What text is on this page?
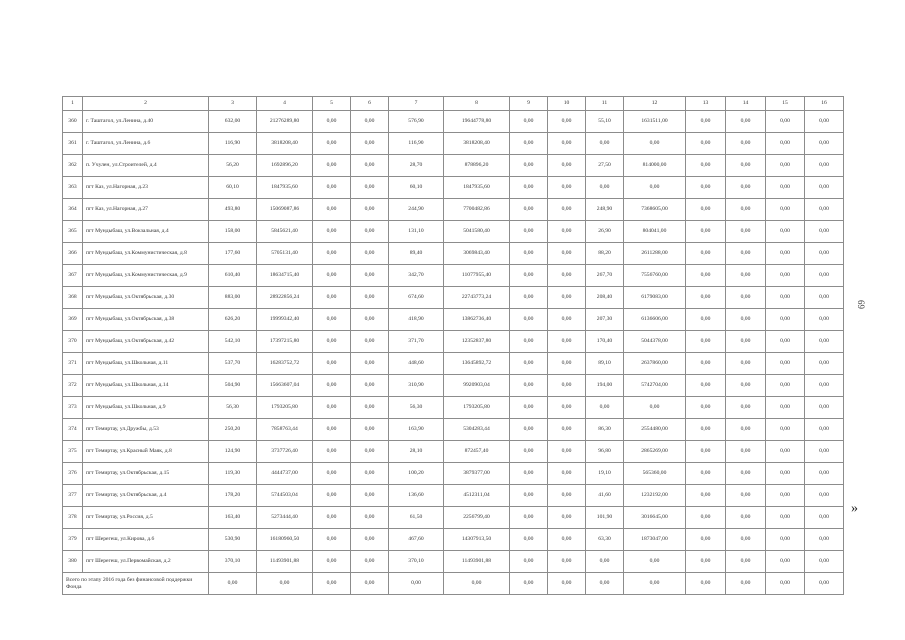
1	2	3	4	5	6	7	8	9	10	11	12	13	14	15	16
360	г. Таштагол, ул.Ленина, д.40	632,00	21276289,80	0,00	0,00	576,90	19644778,80	0,00	0,00	55,10	1631511,00	0,00	0,00	0,00	0,00
361	г. Таштагол, ул.Ленина, д.6	116,90	3818208,40	0,00	0,00	116,90	3818208,40	0,00	0,00	0,00	0,00	0,00	0,00	0,00	0,00
362	п. Учулен, ул.Строителей, д.4	56,20	1692896,20	0,00	0,00	28,70	878896,20	0,00	0,00	27,50	814000,00	0,00	0,00	0,00	0,00
363	пгт Каз, ул.Нагорная, д.23	60,10	1847935,60	0,00	0,00	60,10	1847935,60	0,00	0,00	0,00	0,00	0,00	0,00	0,00	0,00
364	пгт Каз, ул.Нагорная, д.27	493,80	15069087,86	0,00	0,00	244,90	7700482,86	0,00	0,00	248,90	7368605,00	0,00	0,00	0,00	0,00
365	пгт Мундыбаш, ул.Вокзальная, д.4	158,00	5845621,40	0,00	0,00	131,10	5041580,40	0,00	0,00	26,90	804041,00	0,00	0,00	0,00	0,00
366	пгт Мундыбаш, ул.Коммунистическая, д.8	177,60	5705131,40	0,00	0,00	89,40	3069843,40	0,00	0,00	88,20	2611288,00	0,00	0,00	0,00	0,00
367	пгт Мундыбаш, ул.Коммунистическая, д.9	610,40	18634715,40	0,00	0,00	342,70	11077955,40	0,00	0,00	267,70	7556760,00	0,00	0,00	0,00	0,00
368	пгт Мундыбаш, ул.Октябрьская, д.30	883,00	28922856,24	0,00	0,00	674,60	22743773,24	0,00	0,00	208,40	6179083,00	0,00	0,00	0,00	0,00
369	пгт Мундыбаш, ул.Октябрьская, д.38	626,20	19999342,40	0,00	0,00	418,90	13862736,40	0,00	0,00	207,30	6136606,00	0,00	0,00	0,00	0,00
370	пгт Мундыбаш, ул.Октябрьская, д.42	542,10	17397215,80	0,00	0,00	371,70	12352837,80	0,00	0,00	170,40	5044378,00	0,00	0,00	0,00	0,00
371	пгт Мундыбаш, ул.Школьная, д.11	537,70	16283752,72	0,00	0,00	448,60	13645892,72	0,00	0,00	89,10	2637860,00	0,00	0,00	0,00	0,00
372	пгт Мундыбаш, ул.Школьная, д.14	504,90	15663607,04	0,00	0,00	310,90	9920903,04	0,00	0,00	194,00	5742704,00	0,00	0,00	0,00	0,00
373	пгт Мундыбаш, ул.Школьная, д.9	56,30	1793205,80	0,00	0,00	56,30	1793205,80	0,00	0,00	0,00	0,00	0,00	0,00	0,00	0,00
374	пгт Темиртау, ул.Дружбы, д.53	250,20	7858763,44	0,00	0,00	163,90	5304283,44	0,00	0,00	86,30	2554480,00	0,00	0,00	0,00	0,00
375	пгт Темиртау, ул.Красный Маяк, д.8	124,90	3737726,40	0,00	0,00	28,10	872457,40	0,00	0,00	96,80	2865269,00	0,00	0,00	0,00	0,00
376	пгт Темиртау, ул.Октябрьская, д.15	119,30	4444737,00	0,00	0,00	100,20	3879377,00	0,00	0,00	19,10	565360,00	0,00	0,00	0,00	0,00
377	пгт Темиртау, ул.Октябрьская, д.4	178,20	5744503,04	0,00	0,00	136,60	4512311,04	0,00	0,00	41,60	1232192,00	0,00	0,00	0,00	0,00
378	пгт Темиртау, ул.Россия, д.5	163,40	5273444,40	0,00	0,00	61,50	2256799,40	0,00	0,00	101,90	3016645,00	0,00	0,00	0,00	0,00
379	пгт Шерегеш, ул.Кирова, д.6	530,90	16180960,50	0,00	0,00	467,60	14307913,50	0,00	0,00	63,30	1873047,00	0,00	0,00	0,00	0,00
380	пгт Шерегеш, ул.Первомайская, д.2	370,10	11493901,88	0,00	0,00	370,10	11493901,88	0,00	0,00	0,00	0,00	0,00	0,00	0,00	0,00
Всего по этапу 2016 года без финансовой поддержки Фонда		0,00	0,00	0,00	0,00	0,00	0,00	0,00	0,00	0,00	0,00	0,00	0,00	0,00	0,00
69
»
